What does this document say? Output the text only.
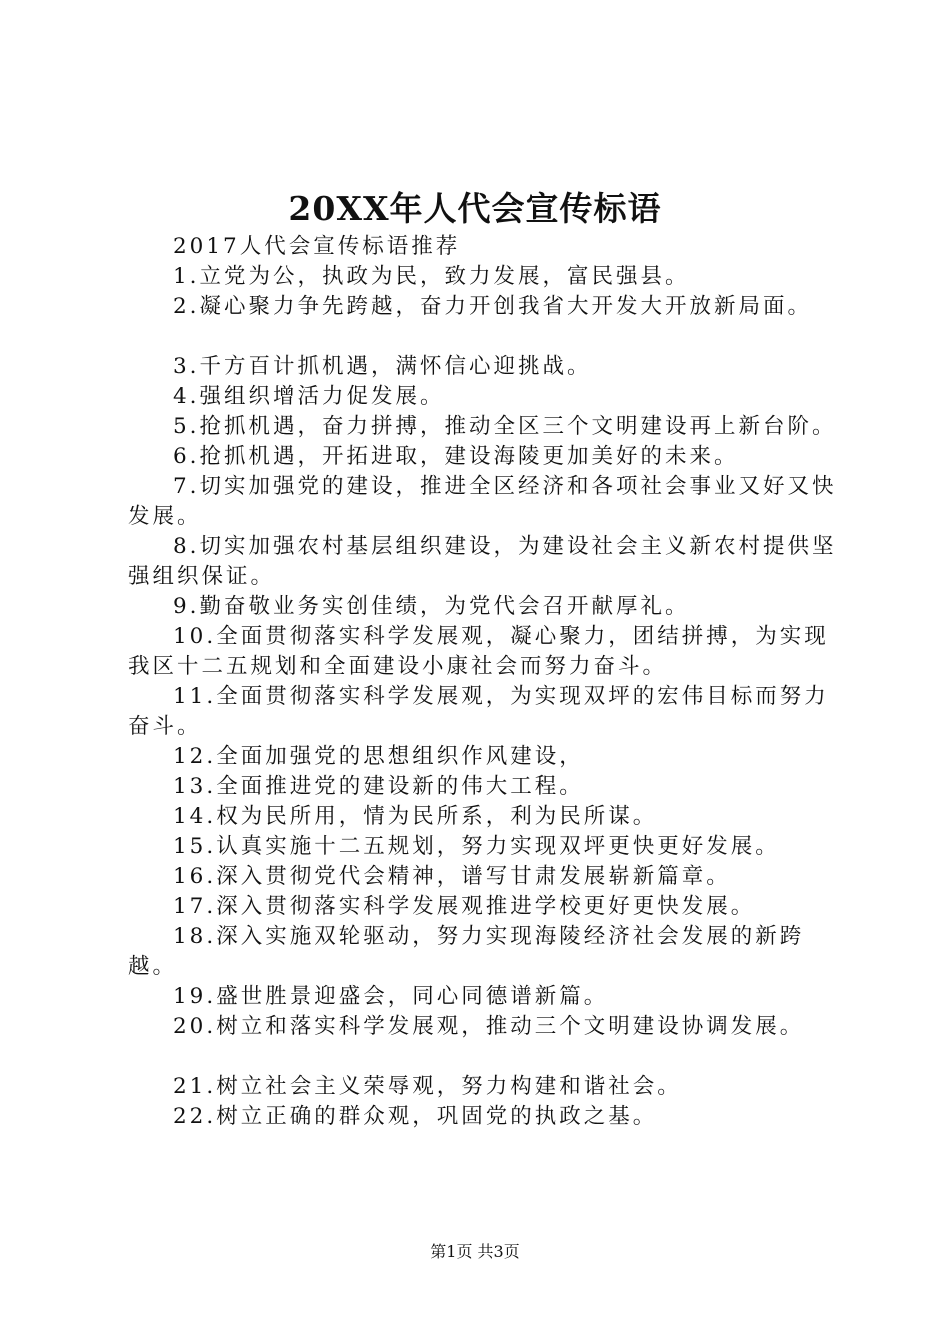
20XX年人代会宣传标语

2017人代会宣传标语推荐

1.立党为公，执政为民，致力发展，富民强县。

2.凝心聚力争先跨越，奋力开创我省大开发大开放新局面。

3.千方百计抓机遇，满怀信心迎挑战。

4.强组织增活力促发展。

5.抢抓机遇，奋力拼搏，推动全区三个文明建设再上新台阶。

6.抢抓机遇，开拓进取，建设海陵更加美好的未来。

7.切实加强党的建设，推进全区经济和各项社会事业又好又快发展。

8.切实加强农村基层组织建设，为建设社会主义新农村提供坚强组织保证。

9.勤奋敬业务实创佳绩，为党代会召开献厚礼。

10.全面贯彻落实科学发展观，凝心聚力，团结拼搏，为实现我区十二五规划和全面建设小康社会而努力奋斗。

11.全面贯彻落实科学发展观，为实现双坪的宏伟目标而努力奋斗。

12.全面加强党的思想组织作风建设，

13.全面推进党的建设新的伟大工程。

14.权为民所用，情为民所系，利为民所谋。

15.认真实施十二五规划，努力实现双坪更快更好发展。

16.深入贯彻党代会精神，谱写甘肃发展崭新篇章。

17.深入贯彻落实科学发展观推进学校更好更快发展。

18.深入实施双轮驱动，努力实现海陵经济社会发展的新跨越。

19.盛世胜景迎盛会，同心同德谱新篇。

20.树立和落实科学发展观，推动三个文明建设协调发展。

21.树立社会主义荣辱观，努力构建和谐社会。

22.树立正确的群众观，巩固党的执政之基。

第1页 共3页
